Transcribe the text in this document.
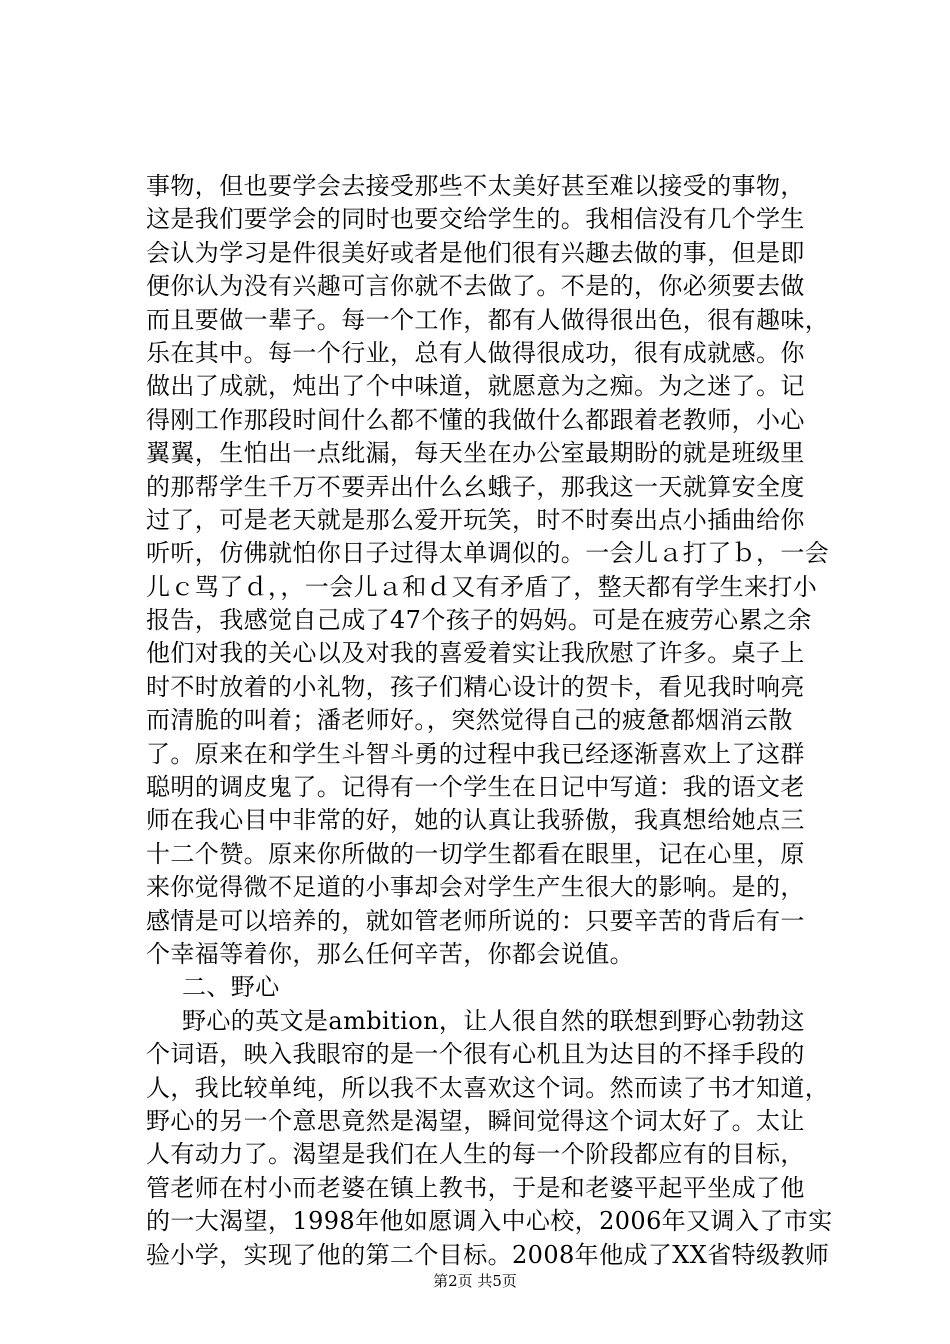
事物，但也要学会去接受那些不太美好甚至难以接受的事物，
这是我们要学会的同时也要交给学生的。我相信没有几个学生
会认为学习是件很美好或者是他们很有兴趣去做的事，但是即
便你认为没有兴趣可言你就不去做了。不是的，你必须要去做
而且要做一辈子。每一个工作，都有人做得很出色，很有趣味，
乐在其中。每一个行业，总有人做得很成功，很有成就感。你
做出了成就，炖出了个中味道，就愿意为之痴。为之迷了。记
得刚工作那段时间什么都不懂的我做什么都跟着老教师，小心
翼翼，生怕出一点纰漏，每天坐在办公室最期盼的就是班级里
的那帮学生千万不要弄出什么幺蛾子，那我这一天就算安全度
过了，可是老天就是那么爱开玩笑，时不时奏出点小插曲给你
听听，仿佛就怕你日子过得太单调似的。一会儿ａ打了ｂ，一会
儿ｃ骂了ｄ，，一会儿ａ和ｄ又有矛盾了，整天都有学生来打小
报告，我感觉自己成了47个孩子的妈妈。可是在疲劳心累之余
他们对我的关心以及对我的喜爱着实让我欣慰了许多。桌子上
时不时放着的小礼物，孩子们精心设计的贺卡，看见我时响亮
而清脆的叫着；潘老师好。，突然觉得自己的疲惫都烟消云散
了。原来在和学生斗智斗勇的过程中我已经逐渐喜欢上了这群
聪明的调皮鬼了。记得有一个学生在日记中写道：我的语文老
师在我心目中非常的好，她的认真让我骄傲，我真想给她点三
十二个赞。原来你所做的一切学生都看在眼里，记在心里，原
来你觉得微不足道的小事却会对学生产生很大的影响。是的，
感情是可以培养的，就如管老师所说的：只要辛苦的背后有一
个幸福等着你，那么任何辛苦，你都会说值。
二、野心
野心的英文是ambition，让人很自然的联想到野心勃勃这
个词语，映入我眼帘的是一个很有心机且为达目的不择手段的
人，我比较单纯，所以我不太喜欢这个词。然而读了书才知道，
野心的另一个意思竟然是渴望，瞬间觉得这个词太好了。太让
人有动力了。渴望是我们在人生的每一个阶段都应有的目标，
管老师在村小而老婆在镇上教书，于是和老婆平起平坐成了他
的一大渴望，1998年他如愿调入中心校，2006年又调入了市实
验小学，实现了他的第二个目标。2008年他成了XX省特级教师
第2页 共5页
